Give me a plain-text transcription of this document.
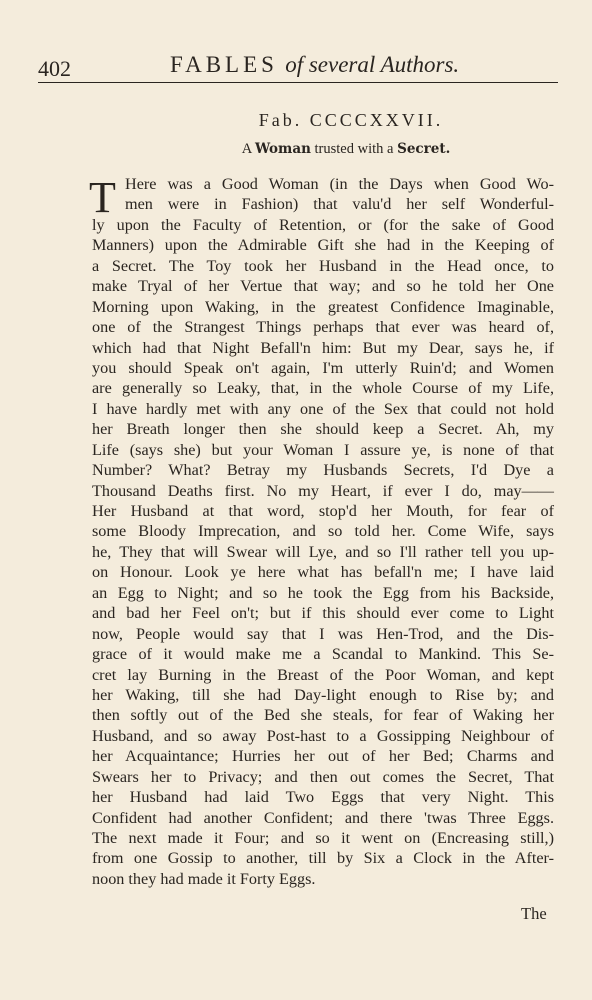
402	FABLES of several Authors.
Fab. CCCCXXVII.
A Woman trusted with a Secret.
T Here was a Good Woman (in the Days when Good Wo-
men were in Fashion) that valu'd her self Wonderful-
ly upon the Faculty of Retention, or (for the sake of Good
Manners) upon the Admirable Gift she had in the Keeping of
a Secret. The Toy took her Husband in the Head once, to
make Tryal of her Vertue that way; and so he told her One
Morning upon Waking, in the greatest Confidence Imaginable,
one of the Strangest Things perhaps that ever was heard of,
which had that Night Befall'n him: But my Dear, says he, if
you should Speak on't again, I'm utterly Ruin'd; and Women
are generally so Leaky, that, in the whole Course of my Life,
I have hardly met with any one of the Sex that could not hold
her Breath longer then she should keep a Secret. Ah, my
Life (says she) but your Woman I assure ye, is none of that
Number? What? Betray my Husbands Secrets, I'd Dye a
Thousand Deaths first. No my Heart, if ever I do, may——
Her Husband at that word, stop'd her Mouth, for fear of
some Bloody Imprecation, and so told her. Come Wife, says
he, They that will Swear will Lye, and so I'll rather tell you up-
on Honour. Look ye here what has befall'n me; I have laid
an Egg to Night; and so he took the Egg from his Backside,
and bad her Feel on't; but if this should ever come to Light
now, People would say that I was Hen-Trod, and the Dis-
grace of it would make me a Scandal to Mankind. This Se-
cret lay Burning in the Breast of the Poor Woman, and kept
her Waking, till she had Day-light enough to Rise by; and
then softly out of the Bed she steals, for fear of Waking her
Husband, and so away Post-hast to a Gossipping Neighbour of
her Acquaintance; Hurries her out of her Bed; Charms and
Swears her to Privacy; and then out comes the Secret, That
her Husband had laid Two Eggs that very Night. This
Confident had another Confident; and there 'twas Three Eggs.
The next made it Four; and so it went on (Encreasing still,)
from one Gossip to another, till by Six a Clock in the After-
noon they had made it Forty Eggs.
The
